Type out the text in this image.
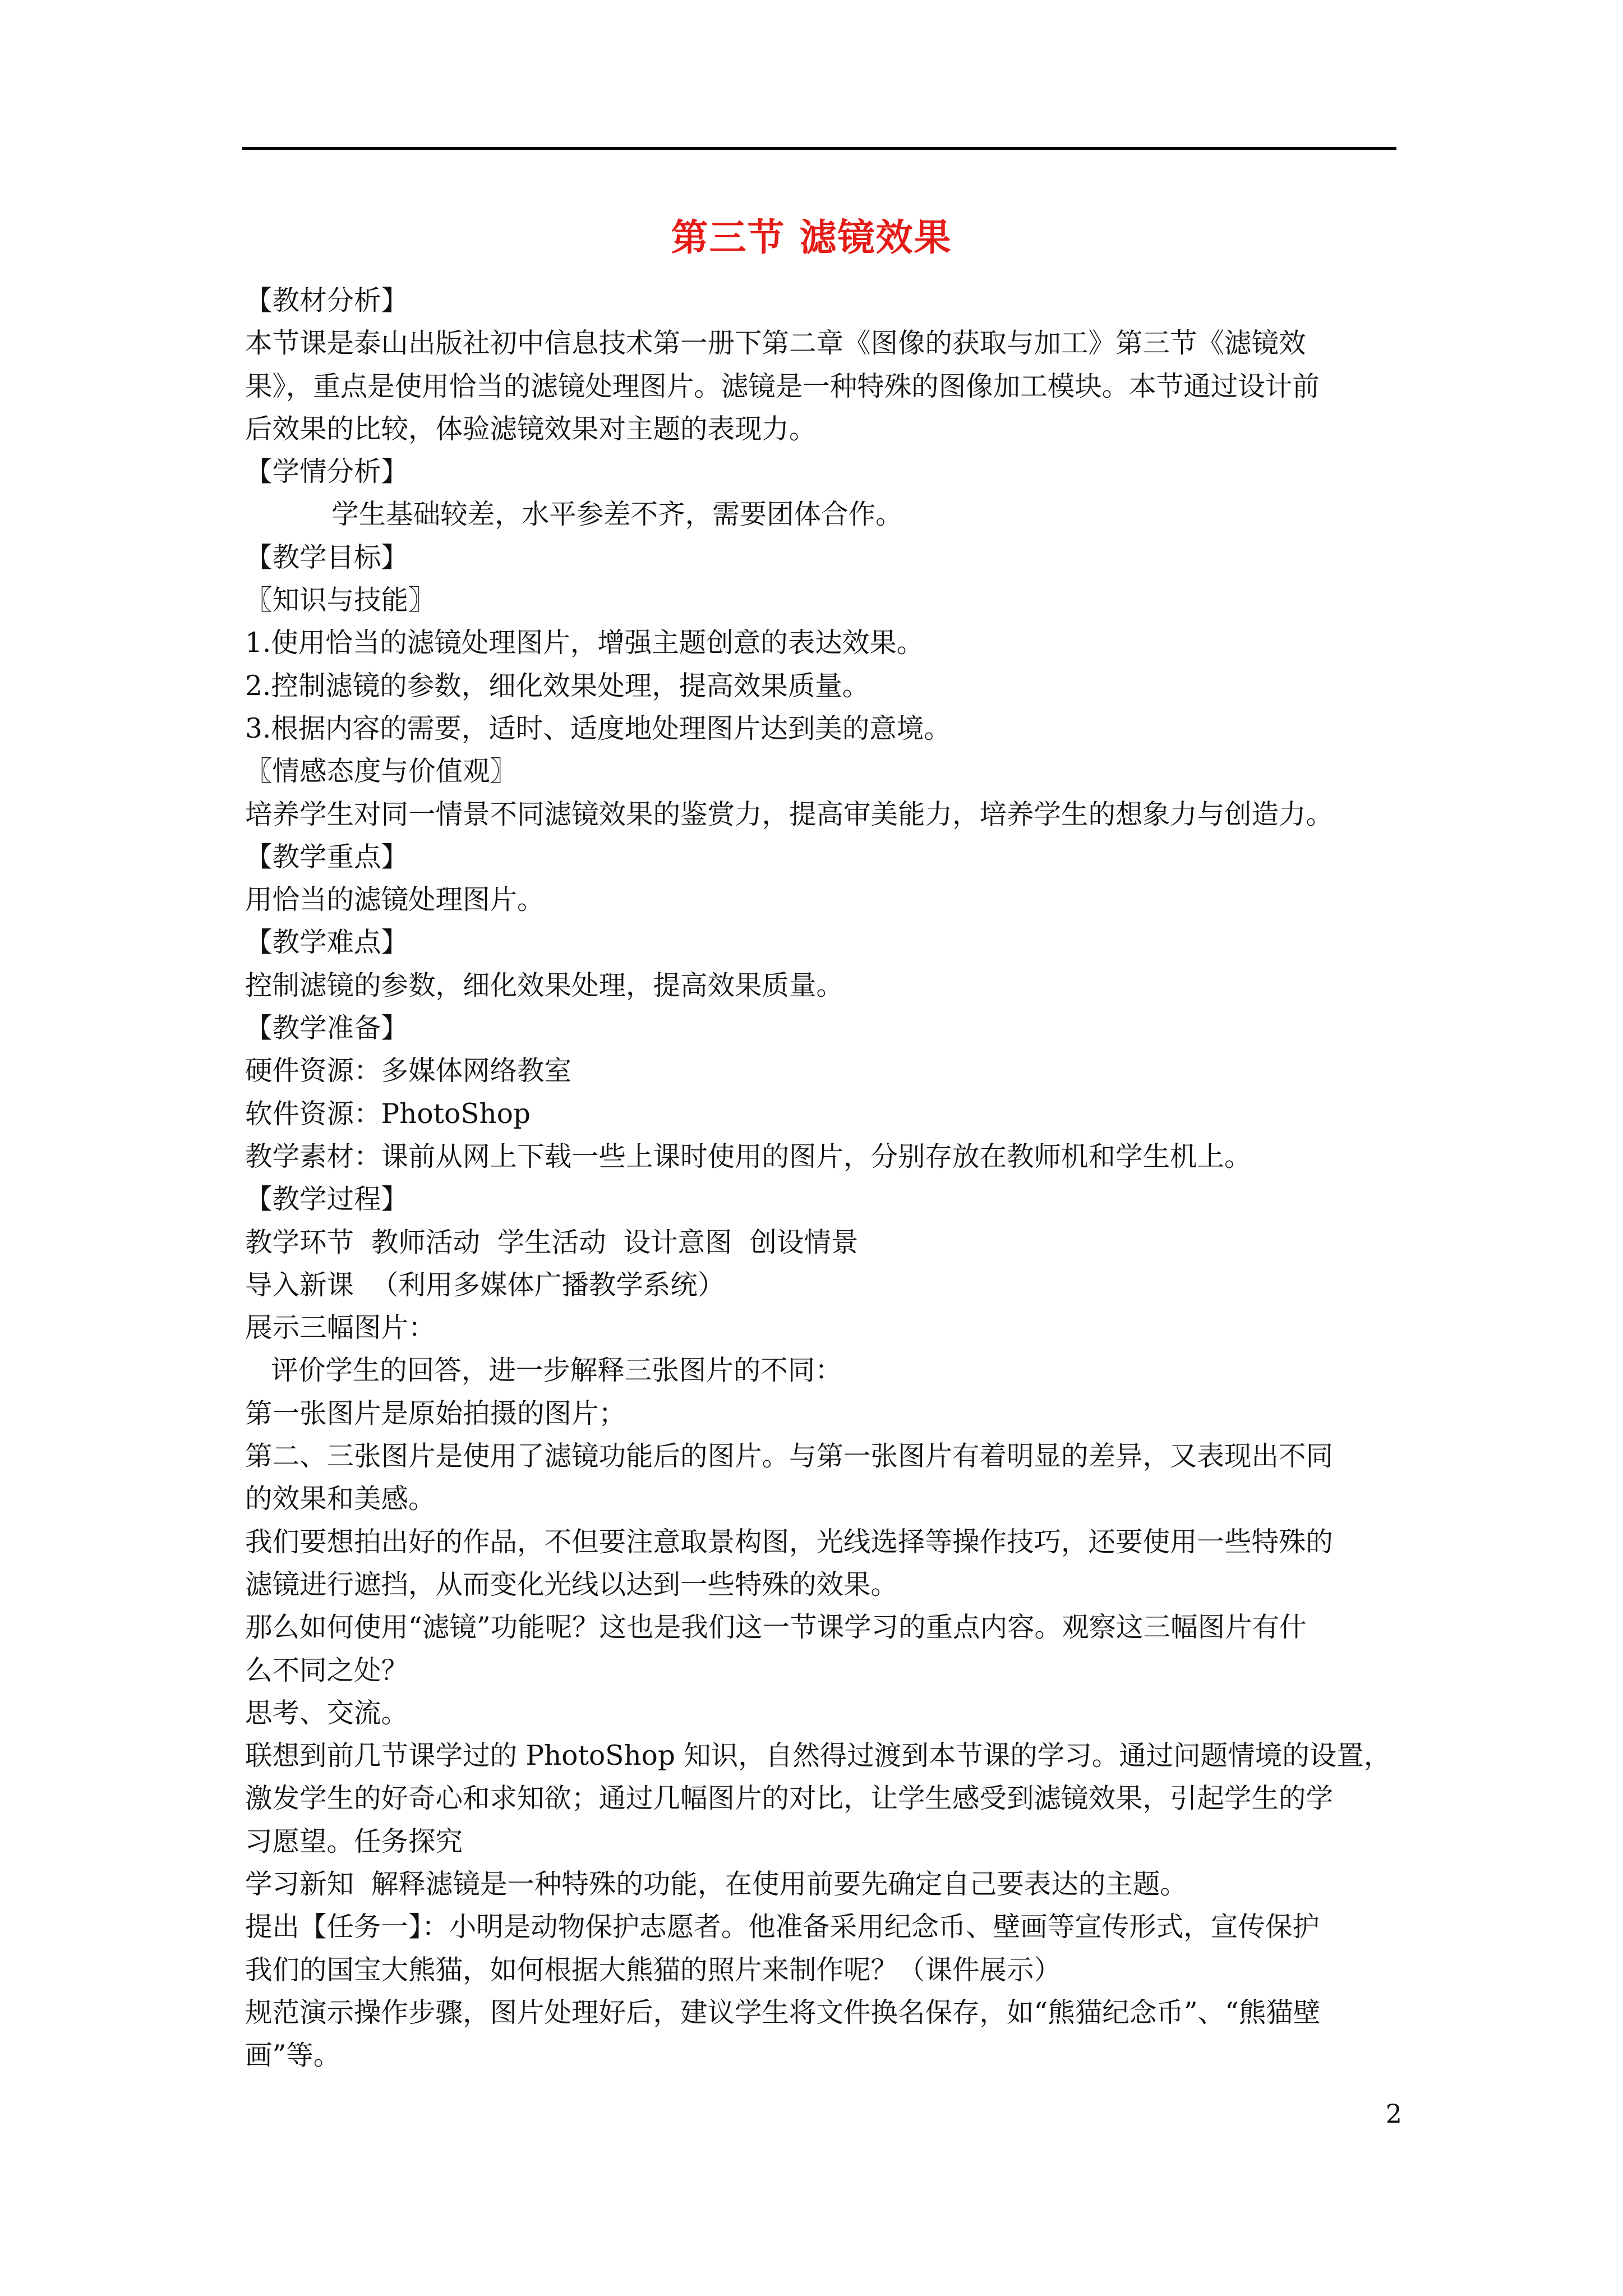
第三节 滤镜效果
【教材分析】
本节课是泰山出版社初中信息技术第一册下第二章《图像的获取与加工》第三节《滤镜效
果》，重点是使用恰当的滤镜处理图片。滤镜是一种特殊的图像加工模块。本节通过设计前
后效果的比较，体验滤镜效果对主题的表现力。
【学情分析】
学生基础较差，水平参差不齐，需要团体合作。
【教学目标】
〖知识与技能〗
1.使用恰当的滤镜处理图片，增强主题创意的表达效果。
2.控制滤镜的参数，细化效果处理，提高效果质量。
3.根据内容的需要，适时、适度地处理图片达到美的意境。
〖情感态度与价值观〗
培养学生对同一情景不同滤镜效果的鉴赏力，提高审美能力，培养学生的想象力与创造力。
【教学重点】
用恰当的滤镜处理图片。
【教学难点】
控制滤镜的参数，细化效果处理，提高效果质量。
【教学准备】
硬件资源：多媒体网络教室
软件资源：PhotoShop
教学素材：课前从网上下载一些上课时使用的图片，分别存放在教师机和学生机上。
【教学过程】
教学环节  教师活动  学生活动  设计意图  创设情景
导入新课  （利用多媒体广播教学系统）
展示三幅图片：
评价学生的回答，进一步解释三张图片的不同：
第一张图片是原始拍摄的图片；
第二、三张图片是使用了滤镜功能后的图片。与第一张图片有着明显的差异，又表现出不同
的效果和美感。
我们要想拍出好的作品，不但要注意取景构图，光线选择等操作技巧，还要使用一些特殊的
滤镜进行遮挡，从而变化光线以达到一些特殊的效果。
那么如何使用“滤镜”功能呢？这也是我们这一节课学习的重点内容。观察这三幅图片有什
么不同之处？
思考、交流。
联想到前几节课学过的 PhotoShop 知识，自然得过渡到本节课的学习。通过问题情境的设置，
激发学生的好奇心和求知欲；通过几幅图片的对比，让学生感受到滤镜效果，引起学生的学
习愿望。任务探究
学习新知  解释滤镜是一种特殊的功能，在使用前要先确定自己要表达的主题。
提出【任务一】：小明是动物保护志愿者。他准备采用纪念币、壁画等宣传形式，宣传保护
我们的国宝大熊猫，如何根据大熊猫的照片来制作呢？（课件展示）
规范演示操作步骤，图片处理好后，建议学生将文件换名保存，如“熊猫纪念币”、“熊猫壁
画”等。
2
